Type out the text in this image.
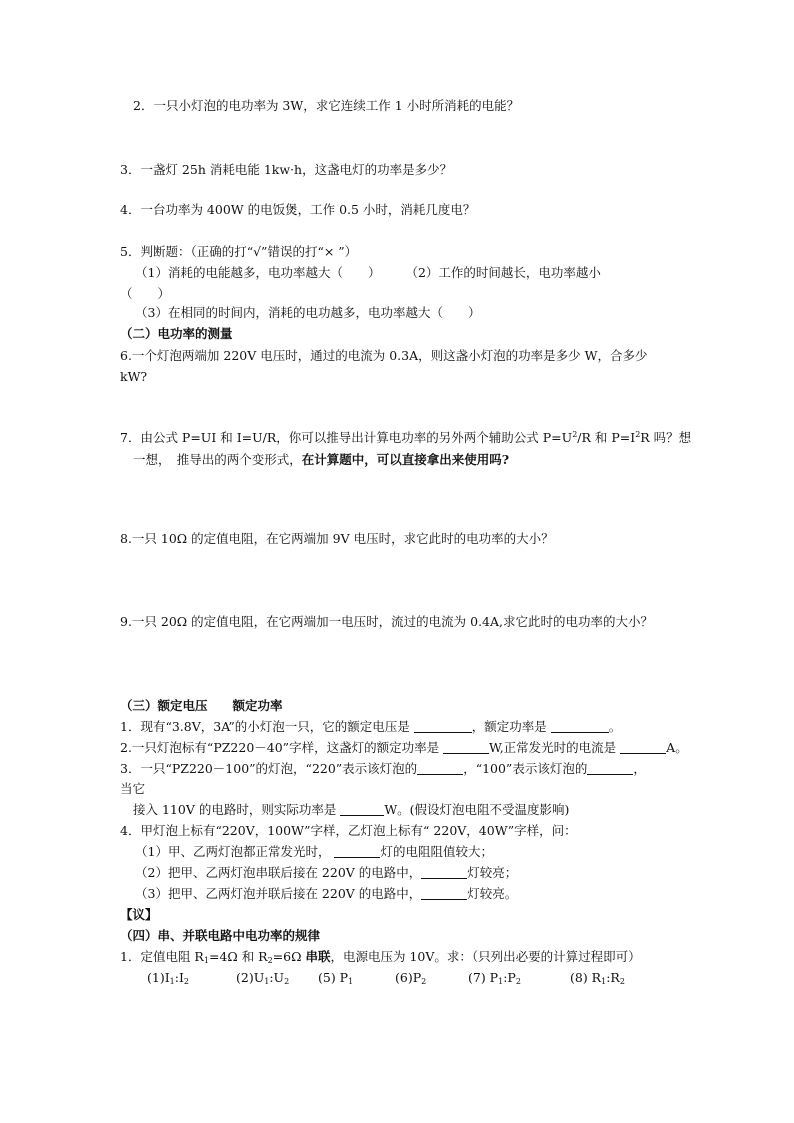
2．一只小灯泡的电功率为 3W，求它连续工作 1 小时所消耗的电能？
3．一盏灯 25h 消耗电能 1kw·h，这盏电灯的功率是多少？
4．一台功率为 400W 的电饭煲，工作 0.5 小时，消耗几度电？
5．判断题：（正确的打“√”错误的打“× ”）
（1）消耗的电能越多，电功率越大（　　）　　　（2）工作的时间越长，电功率越小
（　　）
（3）在相同的时间内，消耗的电功越多，电功率越大（　　）
（二）电功率的测量
6.一个灯泡两端加 220V 电压时，通过的电流为 0.3A，则这盏小灯泡的功率是多少 W，合多少
kW?
7．由公式 P=UI 和 I=U/R，你可以推导出计算电功率的另外两个辅助公式 $P=U^2/R$ 和 $P=I^2R$ 吗？想
一想，　推导出的两个变形式，在计算题中，可以直接拿出来使用吗?
8.一只 10Ω 的定值电阻，在它两端加 9V 电压时，求它此时的电功率的大小？
9.一只 20Ω 的定值电阻，在它两端加一电压时，流过的电流为 0.4A,求它此时的电功率的大小？
（三）额定电压　　额定功率
1．现有“3.8V，3A”的小灯泡一只，它的额定电压是	，额定功率是	。
2.一只灯泡标有“PZ220－40”字样，这盏灯的额定功率是	W,正常发光时的电流是	A。
3．一只“PZ220－100”的灯泡，“220”表示该灯泡的	，“100”表示该灯泡的	，
当它
接入 110V 的电路时，则实际功率是	W。(假设灯泡电阻不受温度影响)
4．甲灯泡上标有“220V，100W”字样，乙灯泡上标有“ 220V，40W”字样，问：
（1）甲、乙两灯泡都正常发光时，	灯的电阻阻值较大；
（2）把甲、乙两灯泡串联后接在 220V 的电路中，	灯较亮；
（3）把甲、乙两灯泡并联后接在 220V 的电路中，	灯较亮。
【议】
（四）串、并联电路中电功率的规律
1．定值电阻 $R_1=4\Omega$ 和 $R_2=6\Omega$ 串联，电源电压为 10V。求：（只列出必要的计算过程即可）
$(1)I_1:I_2$	$(2)U_1:U_2$ (5) $P_1$	$(6)P_2$	(7) $P_1:P_2$	(8) $R_1:R_2$
